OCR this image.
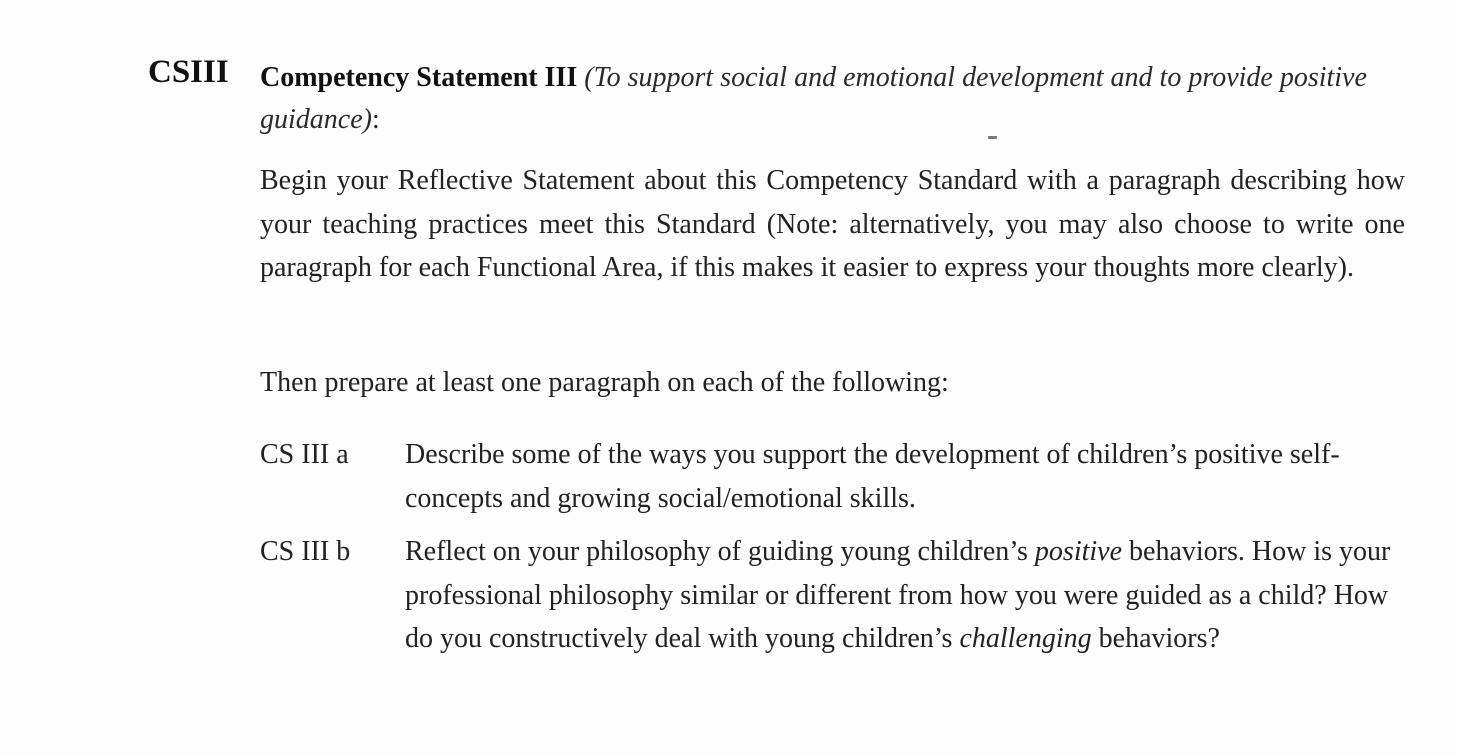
CSIII Competency Statement III (To support social and emotional development and to provide positive guidance):
Begin your Reflective Statement about this Competency Standard with a paragraph describing how your teaching practices meet this Standard (Note: alternatively, you may also choose to write one paragraph for each Functional Area, if this makes it easier to express your thoughts more clearly).
Then prepare at least one paragraph on each of the following:
CS III a	Describe some of the ways you support the development of children’s positive self-concepts and growing social/emotional skills.
CS III b	Reflect on your philosophy of guiding young children’s positive behaviors. How is your professional philosophy similar or different from how you were guided as a child? How do you constructively deal with young children’s challenging behaviors?
